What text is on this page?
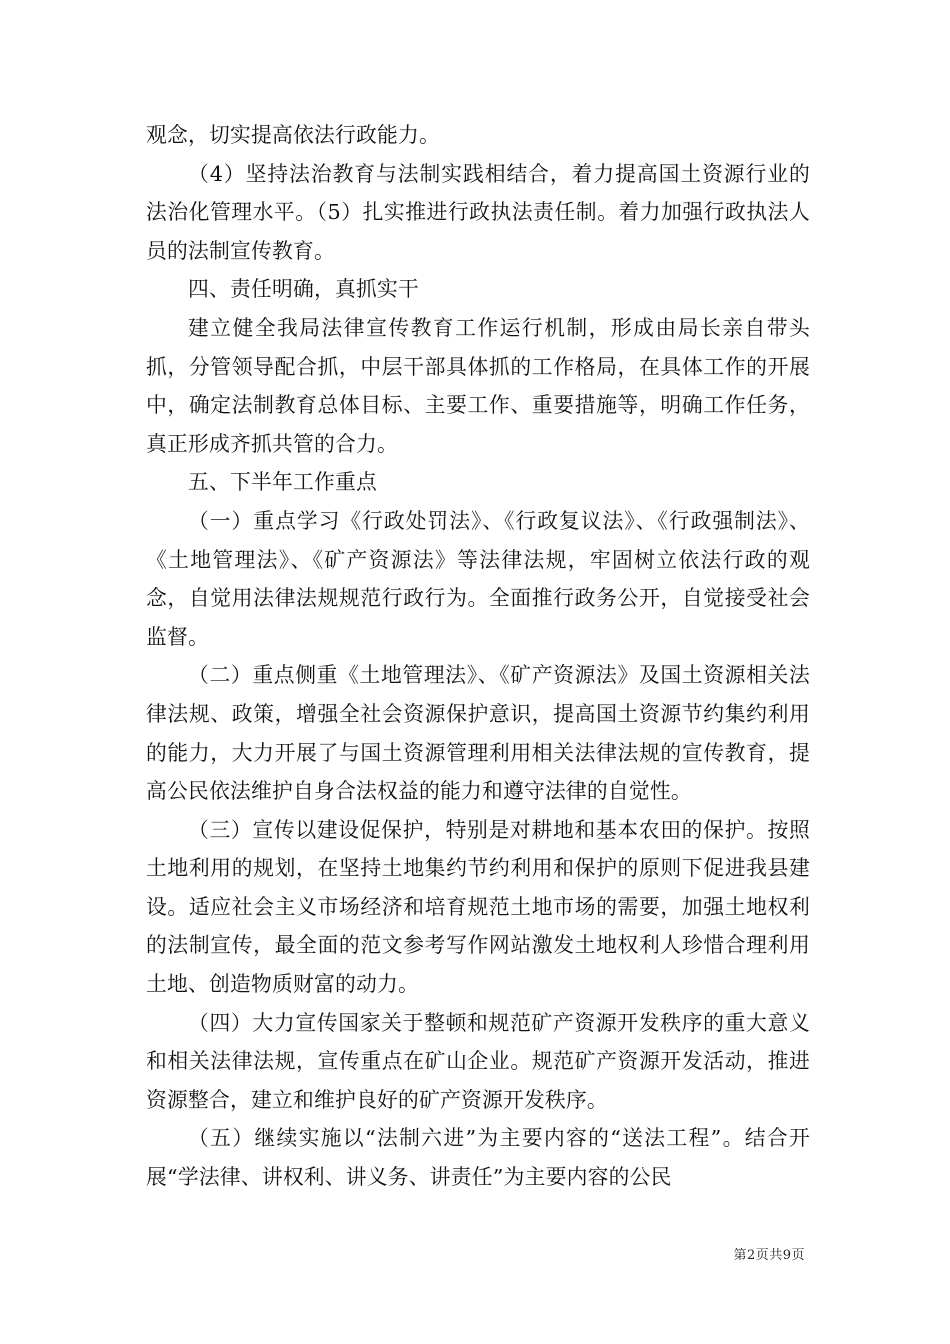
观念，切实提高依法行政能力。

（4）坚持法治教育与法制实践相结合，着力提高国土资源行业的法治化管理水平。（5）扎实推进行政执法责任制。着力加强行政执法人员的法制宣传教育。

四、责任明确，真抓实干

建立健全我局法律宣传教育工作运行机制，形成由局长亲自带头抓，分管领导配合抓，中层干部具体抓的工作格局，在具体工作的开展中，确定法制教育总体目标、主要工作、重要措施等，明确工作任务，真正形成齐抓共管的合力。

五、下半年工作重点

（一）重点学习《行政处罚法》、《行政复议法》、《行政强制法》、《土地管理法》、《矿产资源法》等法律法规，牢固树立依法行政的观念，自觉用法律法规规范行政行为。全面推行政务公开，自觉接受社会监督。

（二）重点侧重《土地管理法》、《矿产资源法》及国土资源相关法律法规、政策，增强全社会资源保护意识，提高国土资源节约集约利用的能力，大力开展了与国土资源管理利用相关法律法规的宣传教育，提高公民依法维护自身合法权益的能力和遵守法律的自觉性。

（三）宣传以建设促保护，特别是对耕地和基本农田的保护。按照土地利用的规划，在坚持土地集约节约利用和保护的原则下促进我县建设。适应社会主义市场经济和培育规范土地市场的需要，加强土地权利的法制宣传，最全面的范文参考写作网站激发土地权利人珍惜合理利用土地、创造物质财富的动力。

（四）大力宣传国家关于整顿和规范矿产资源开发秩序的重大意义和相关法律法规，宣传重点在矿山企业。规范矿产资源开发活动，推进资源整合，建立和维护良好的矿产资源开发秩序。

（五）继续实施以“法制六进”为主要内容的“送法工程”。结合开展“学法律、讲权利、讲义务、讲责任”为主要内容的公民

第2页共9页
